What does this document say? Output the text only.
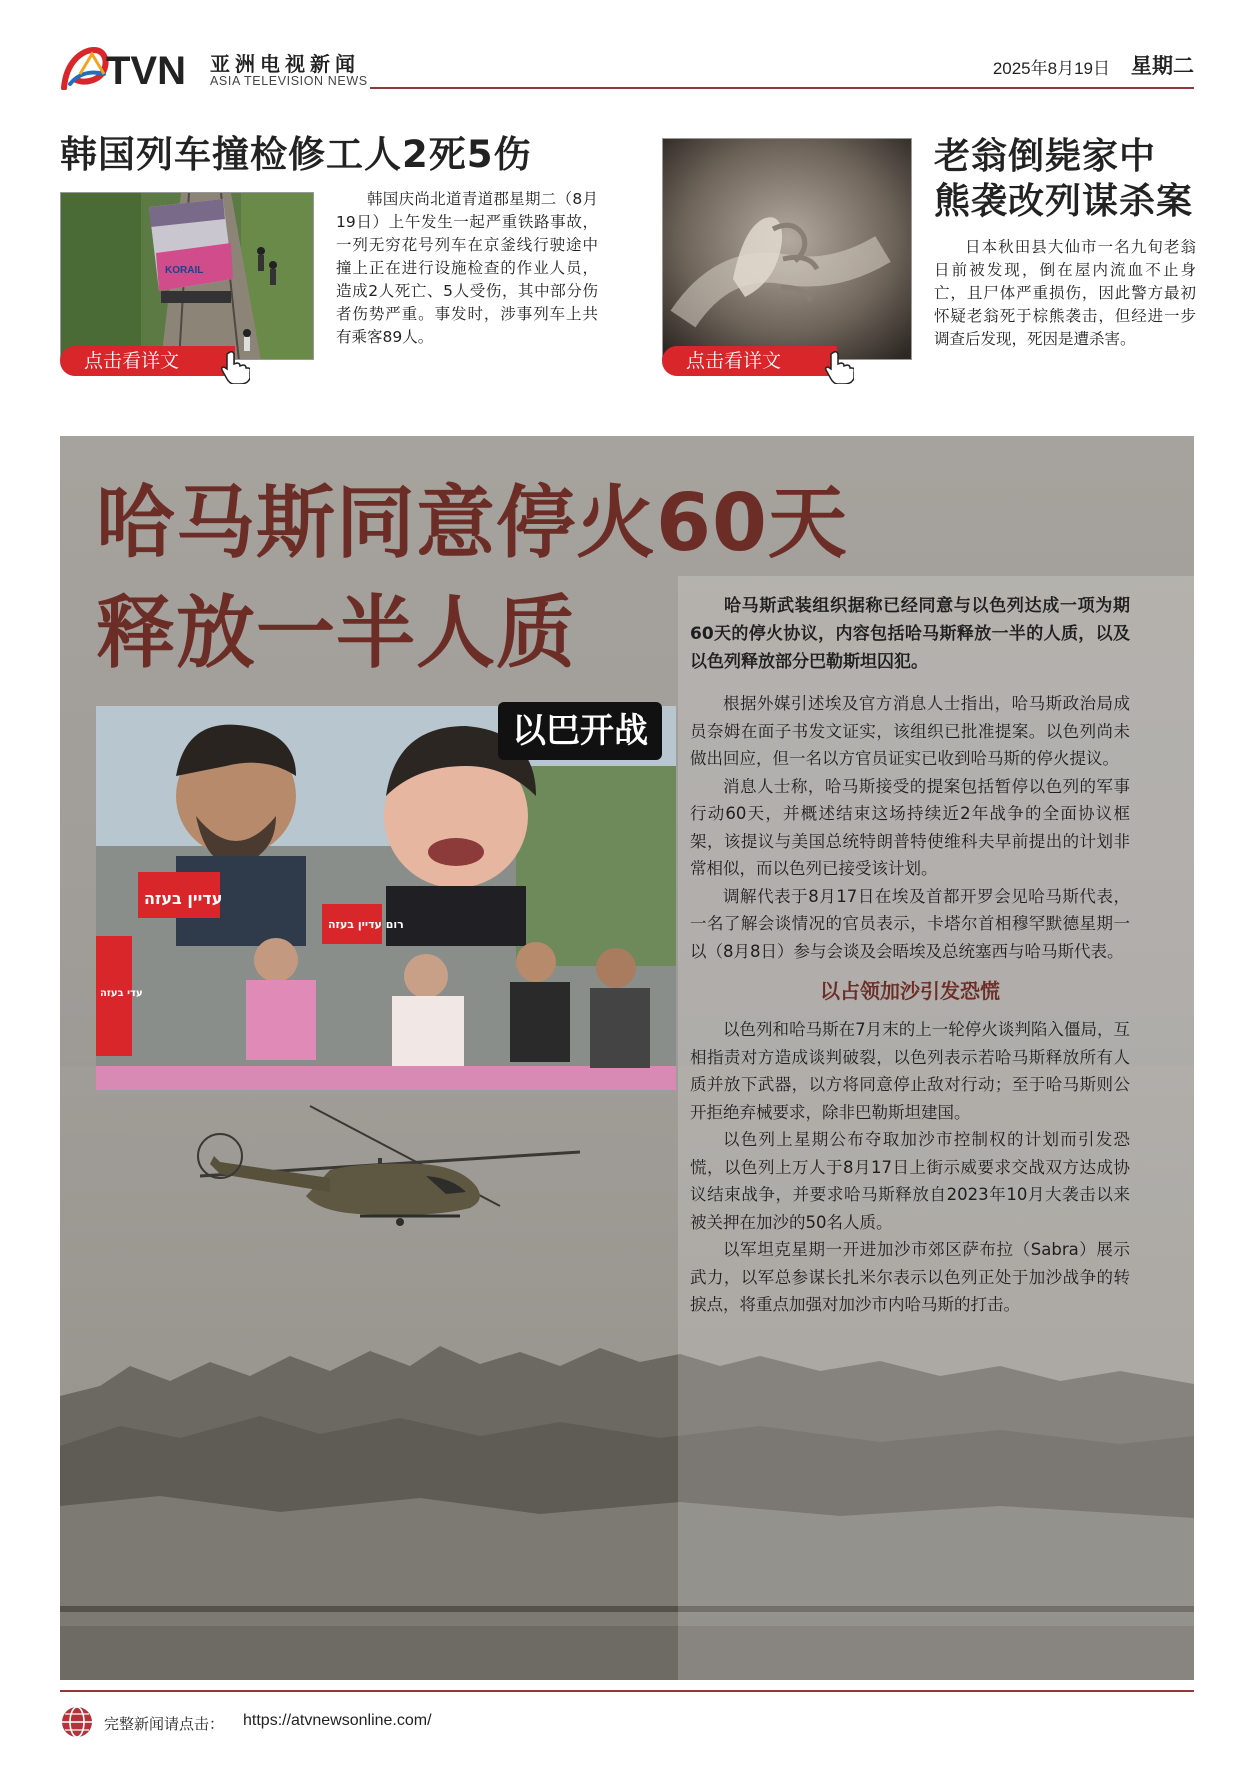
TVN 亚洲电视新闻
ASIA TELEVISION NEWS
2025年8月19日 星期二
韩国列车撞检修工人2死5伤
KORAIL
点击看详文
韩国庆尚北道青道郡星期二（8月19日）上午发生一起严重铁路事故，一列无穷花号列车在京釜线行驶途中撞上正在进行设施检查的作业人员，造成2人死亡、5人受伤，其中部分伤者伤势严重。事发时，涉事列车上共有乘客89人。
点击看详文
老翁倒毙家中
熊袭改列谋杀案
日本秋田县大仙市一名九旬老翁日前被发现，倒在屋内流血不止身亡，且尸体严重损伤，因此警方最初怀疑老翁死于棕熊袭击，但经进一步调查后发现，死因是遭杀害。
עדיין בעזה
רום עדיין בעזה
עדי בעזה
以巴开战
哈马斯同意停火60天
释放一半人质	哈马斯武装组织据称已经同意与以色列达成一项为期60天的停火协议，内容包括哈马斯释放一半的人质，以及以色列释放部分巴勒斯坦囚犯。

根据外媒引述埃及官方消息人士指出，哈马斯政治局成员奈姆在面子书发文证实，该组织已批准提案。以色列尚未做出回应，但一名以方官员证实已收到哈马斯的停火提议。

消息人士称，哈马斯接受的提案包括暂停以色列的军事行动60天，并概述结束这场持续近2年战争的全面协议框架，该提议与美国总统特朗普特使维科夫早前提出的计划非常相似，而以色列已接受该计划。

调解代表于8月17日在埃及首都开罗会见哈马斯代表，一名了解会谈情况的官员表示，卡塔尔首相穆罕默德星期一以（8月8日）参与会谈及会晤埃及总统塞西与哈马斯代表。

以占领加沙引发恐慌

以色列和哈马斯在7月末的上一轮停火谈判陷入僵局，互相指责对方造成谈判破裂，以色列表示若哈马斯释放所有人质并放下武器，以方将同意停止敌对行动；至于哈马斯则公开拒绝弃械要求，除非巴勒斯坦建国。

以色列上星期公布夺取加沙市控制权的计划而引发恐慌，以色列上万人于8月17日上街示威要求交战双方达成协议结束战争，并要求哈马斯释放自2023年10月大袭击以来被关押在加沙的50名人质。

以军坦克星期一开进加沙市郊区萨布拉（Sabra）展示武力，以军总参谋长扎米尔表示以色列正处于加沙战争的转捩点，将重点加强对加沙市内哈马斯的打击。

完整新闻请点击： https://atvnewsonline.com/
